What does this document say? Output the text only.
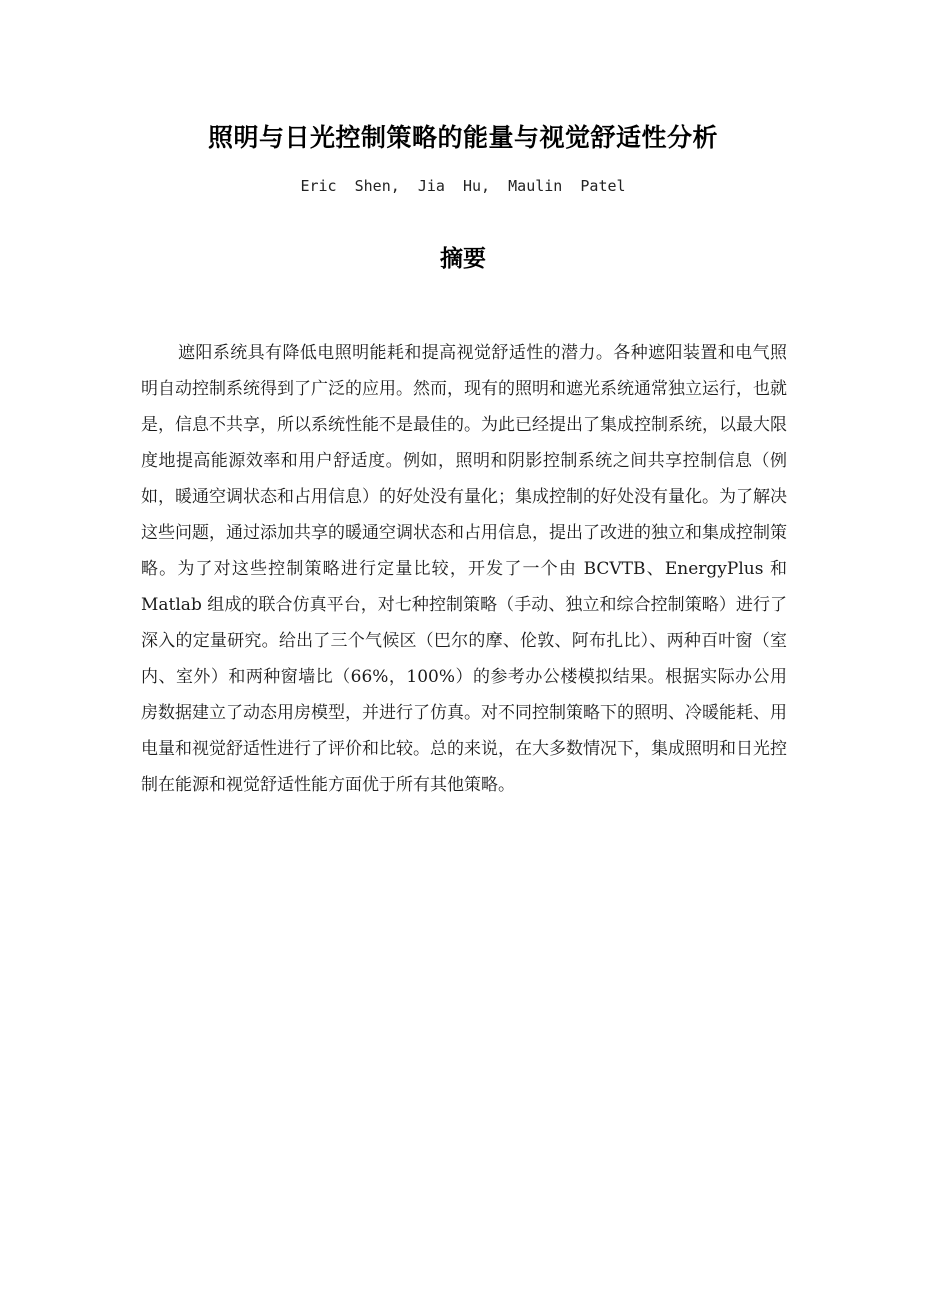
照明与日光控制策略的能量与视觉舒适性分析
Eric  Shen,  Jia  Hu,  Maulin  Patel
摘要

遮阳系统具有降低电照明能耗和提高视觉舒适性的潜力。各种遮阳装置和电气照明自动控制系统得到了广泛的应用。然而，现有的照明和遮光系统通常独立运行，也就是，信息不共享，所以系统性能不是最佳的。为此已经提出了集成控制系统，以最大限度地提高能源效率和用户舒适度。例如，照明和阴影控制系统之间共享控制信息（例如，暖通空调状态和占用信息）的好处没有量化；集成控制的好处没有量化。为了解决这些问题，通过添加共享的暖通空调状态和占用信息，提出了改进的独立和集成控制策略。为了对这些控制策略进行定量比较，开发了一个由 BCVTB、EnergyPlus 和 Matlab 组成的联合仿真平台，对七种控制策略（手动、独立和综合控制策略）进行了深入的定量研究。给出了三个气候区（巴尔的摩、伦敦、阿布扎比）、两种百叶窗（室内、室外）和两种窗墙比（66%，100%）的参考办公楼模拟结果。根据实际办公用房数据建立了动态用房模型，并进行了仿真。对不同控制策略下的照明、冷暖能耗、用电量和视觉舒适性进行了评价和比较。总的来说，在大多数情况下，集成照明和日光控制在能源和视觉舒适性能方面优于所有其他策略。
